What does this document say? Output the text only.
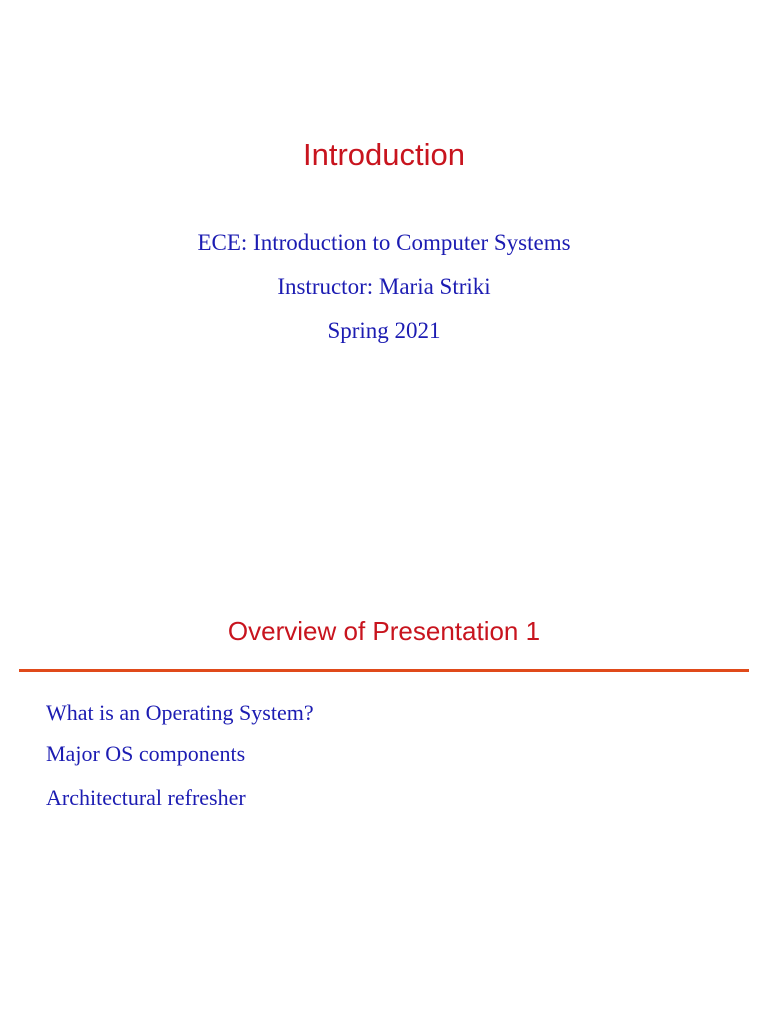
Introduction
ECE: Introduction to Computer Systems
Instructor: Maria Striki
Spring 2021
Overview of Presentation 1
What is an Operating System?
Major OS components
Architectural refresher
